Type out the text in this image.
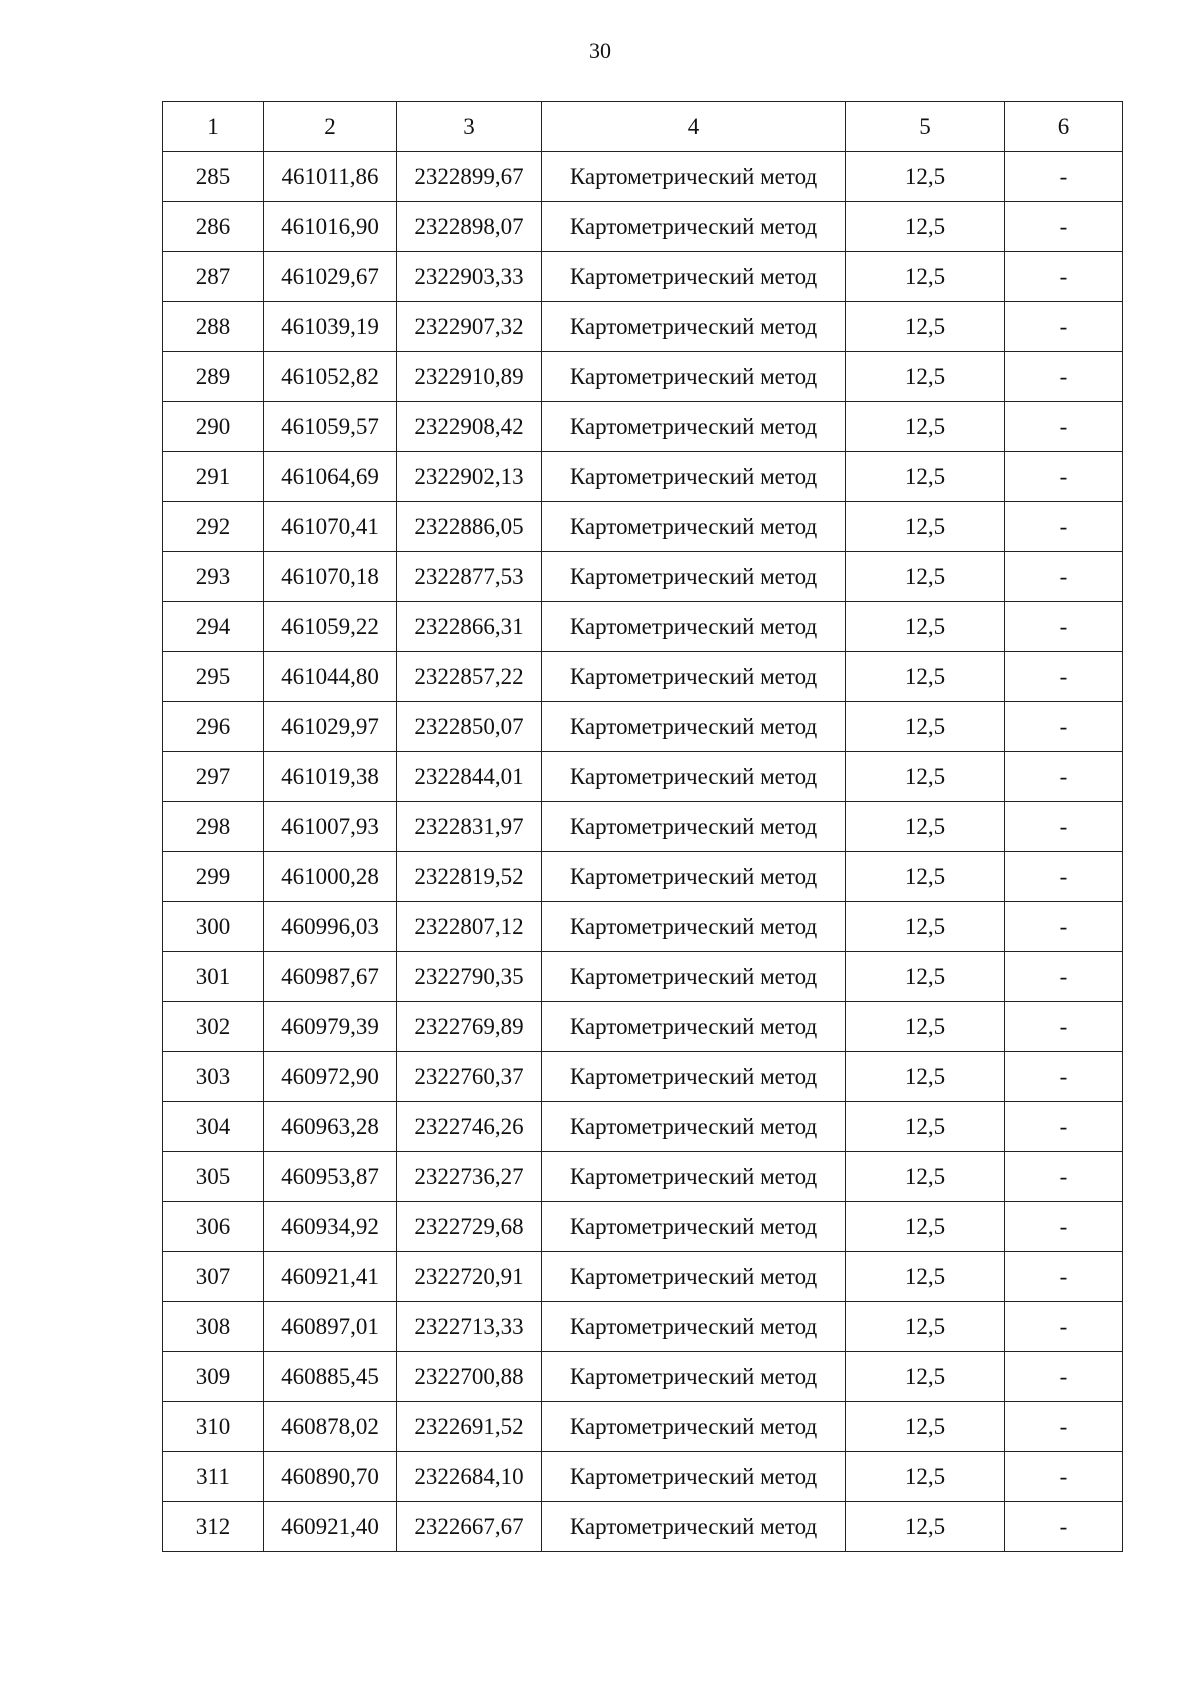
30
1	2	3	4	5	6
285	461011,86	2322899,67	Картометрический метод	12,5	-
286	461016,90	2322898,07	Картометрический метод	12,5	-
287	461029,67	2322903,33	Картометрический метод	12,5	-
288	461039,19	2322907,32	Картометрический метод	12,5	-
289	461052,82	2322910,89	Картометрический метод	12,5	-
290	461059,57	2322908,42	Картометрический метод	12,5	-
291	461064,69	2322902,13	Картометрический метод	12,5	-
292	461070,41	2322886,05	Картометрический метод	12,5	-
293	461070,18	2322877,53	Картометрический метод	12,5	-
294	461059,22	2322866,31	Картометрический метод	12,5	-
295	461044,80	2322857,22	Картометрический метод	12,5	-
296	461029,97	2322850,07	Картометрический метод	12,5	-
297	461019,38	2322844,01	Картометрический метод	12,5	-
298	461007,93	2322831,97	Картометрический метод	12,5	-
299	461000,28	2322819,52	Картометрический метод	12,5	-
300	460996,03	2322807,12	Картометрический метод	12,5	-
301	460987,67	2322790,35	Картометрический метод	12,5	-
302	460979,39	2322769,89	Картометрический метод	12,5	-
303	460972,90	2322760,37	Картометрический метод	12,5	-
304	460963,28	2322746,26	Картометрический метод	12,5	-
305	460953,87	2322736,27	Картометрический метод	12,5	-
306	460934,92	2322729,68	Картометрический метод	12,5	-
307	460921,41	2322720,91	Картометрический метод	12,5	-
308	460897,01	2322713,33	Картометрический метод	12,5	-
309	460885,45	2322700,88	Картометрический метод	12,5	-
310	460878,02	2322691,52	Картометрический метод	12,5	-
311	460890,70	2322684,10	Картометрический метод	12,5	-
312	460921,40	2322667,67	Картометрический метод	12,5	-
